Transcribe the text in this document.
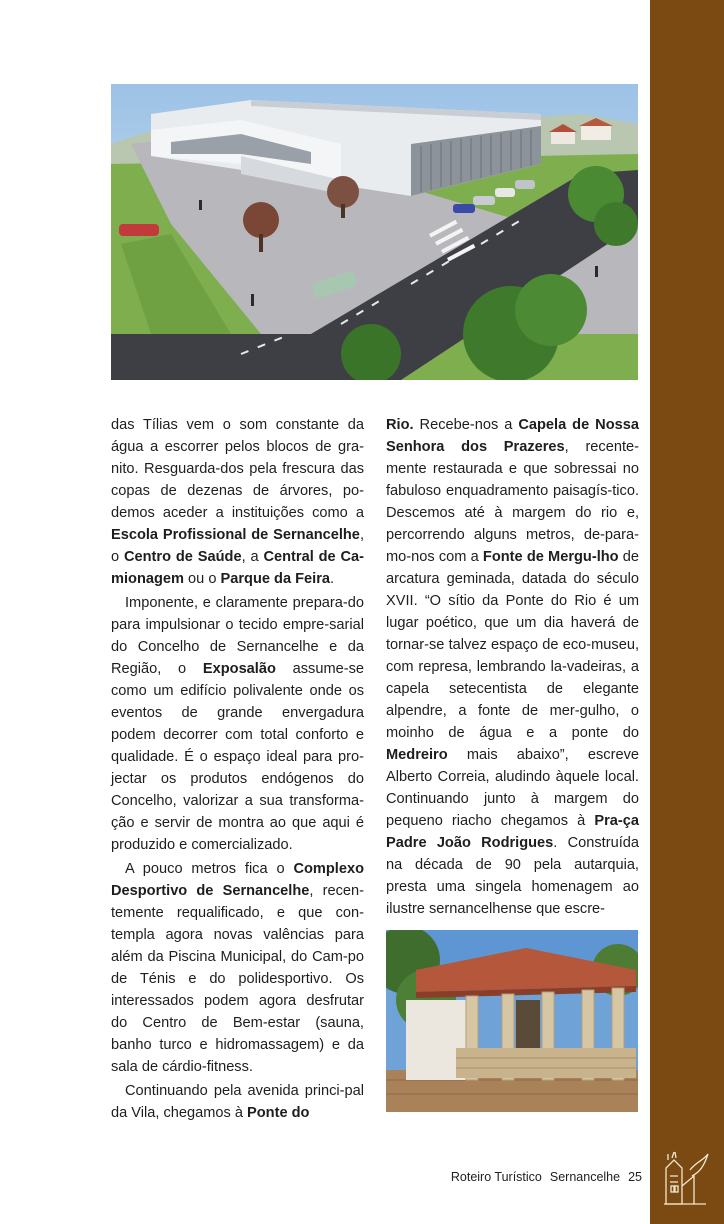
das Tílias vem o som constante da água a escorrer pelos blocos de gra-nito. Resguarda-dos pela frescura das copas de dezenas de árvores, po-demos aceder a instituições como a Escola Profissional de Sernancelhe, o Centro de Saúde, a Central de Ca-mionagem ou o Parque da Feira.

Imponente, e claramente prepara-do para impulsionar o tecido empre-sarial do Concelho de Sernancelhe e da Região, o Exposalão assume-se como um edifício polivalente onde os eventos de grande envergadura podem decorrer com total conforto e qualidade. É o espaço ideal para pro-jectar os produtos endógenos do Concelho, valorizar a sua transforma-ção e servir de montra ao que aqui é produzido e comercializado.

A pouco metros fica o Complexo Desportivo de Sernancelhe, recen-temente requalificado, e que con-templa agora novas valências para além da Piscina Municipal, do Cam-po de Ténis e do polidesportivo. Os interessados podem agora desfrutar do Centro de Bem-estar (sauna, banho turco e hidromassagem) e da sala de cárdio-fitness.

Continuando pela avenida princi-pal da Vila, chegamos à Ponte do

Rio. Recebe-nos a Capela de Nossa Senhora dos Prazeres, recente-mente restaurada e que sobressai no fabuloso enquadramento paisagís-tico. Descemos até à margem do rio e, percorrendo alguns metros, de-para-mo-nos com a Fonte de Mergu-lho de arcatura geminada, datada do século XVII. “O sítio da Ponte do Rio é um lugar poético, que um dia haverá de tornar-se talvez espaço de eco-museu, com represa, lembrando la-vadeiras, a capela setecentista de elegante alpendre, a fonte de mer-gulho, o moinho de água e a ponte do Medreiro mais abaixo”, escreve Alberto Correia, aludindo àquele local. Continuando junto à margem do pequeno riacho chegamos à Pra-ça Padre João Rodrigues. Construída na década de 90 pela autarquia, presta uma singela homenagem ao ilustre sernancelhense que escre-

Roteiro Turístico Sernancelhe 25
